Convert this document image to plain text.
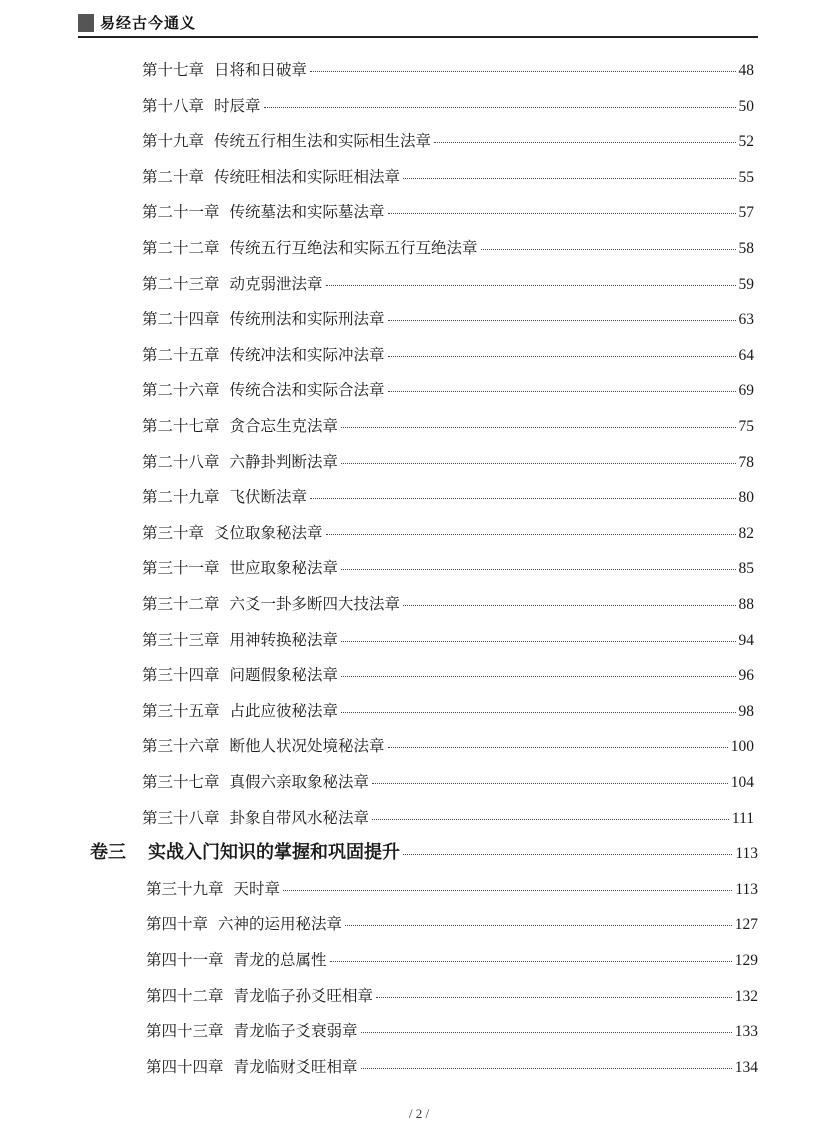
易经古今通义
第十七章 日将和日破章	48
第十八章 时辰章	50
第十九章 传统五行相生法和实际相生法章	52
第二十章 传统旺相法和实际旺相法章	55
第二十一章 传统墓法和实际墓法章	57
第二十二章 传统五行互绝法和实际五行互绝法章	58
第二十三章 动克弱泄法章	59
第二十四章 传统刑法和实际刑法章	63
第二十五章 传统冲法和实际冲法章	64
第二十六章 传统合法和实际合法章	69
第二十七章 贪合忘生克法章	75
第二十八章 六静卦判断法章	78
第二十九章 飞伏断法章	80
第三十章 爻位取象秘法章	82
第三十一章 世应取象秘法章	85
第三十二章 六爻一卦多断四大技法章	88
第三十三章 用神转换秘法章	94
第三十四章 问题假象秘法章	96
第三十五章 占此应彼秘法章	98
第三十六章 断他人状况处境秘法章	100
第三十七章 真假六亲取象秘法章	104
第三十八章 卦象自带风水秘法章	111
卷三 实战入门知识的掌握和巩固提升	113
第三十九章 天时章	113
第四十章 六神的运用秘法章	127
第四十一章 青龙的总属性	129
第四十二章 青龙临子孙爻旺相章	132
第四十三章 青龙临子爻衰弱章	133
第四十四章 青龙临财爻旺相章	134
/ 2 /
